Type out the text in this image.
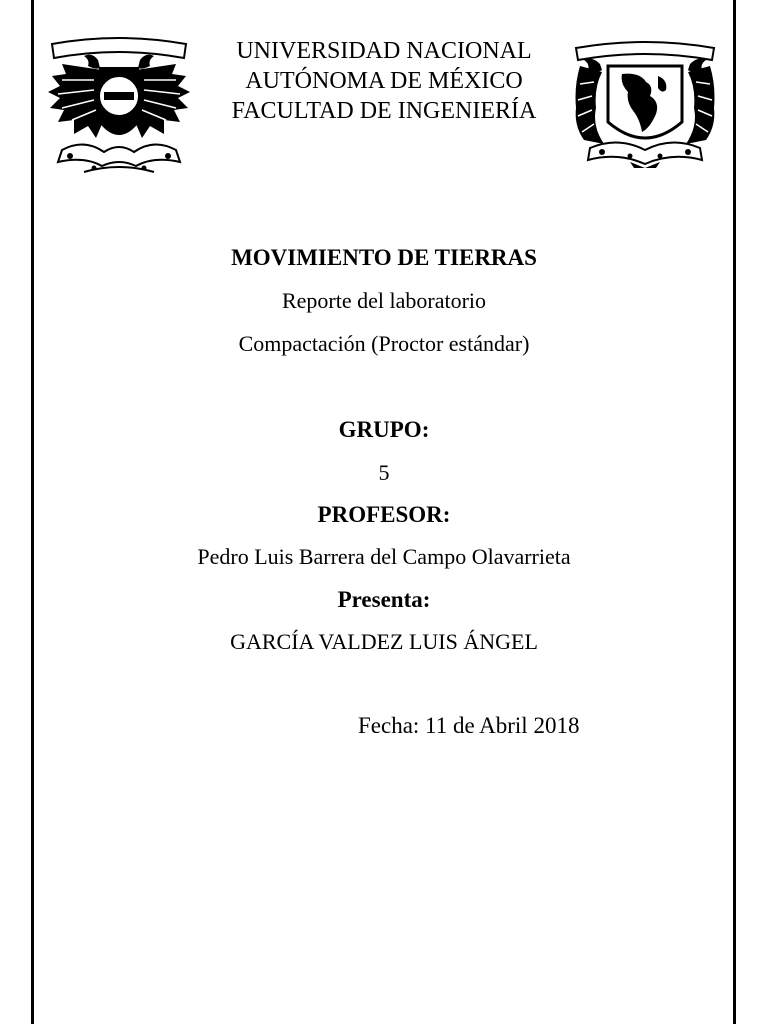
UNIVERSIDAD NACIONAL
AUTÓNOMA DE MÉXICO
FACULTAD DE INGENIERÍA
MOVIMIENTO DE TIERRAS
Reporte del laboratorio
Compactación (Proctor estándar)
GRUPO:
5
PROFESOR:
Pedro Luis Barrera del Campo Olavarrieta
Presenta:
GARCÍA VALDEZ LUIS ÁNGEL
Fecha: 11 de Abril 2018
